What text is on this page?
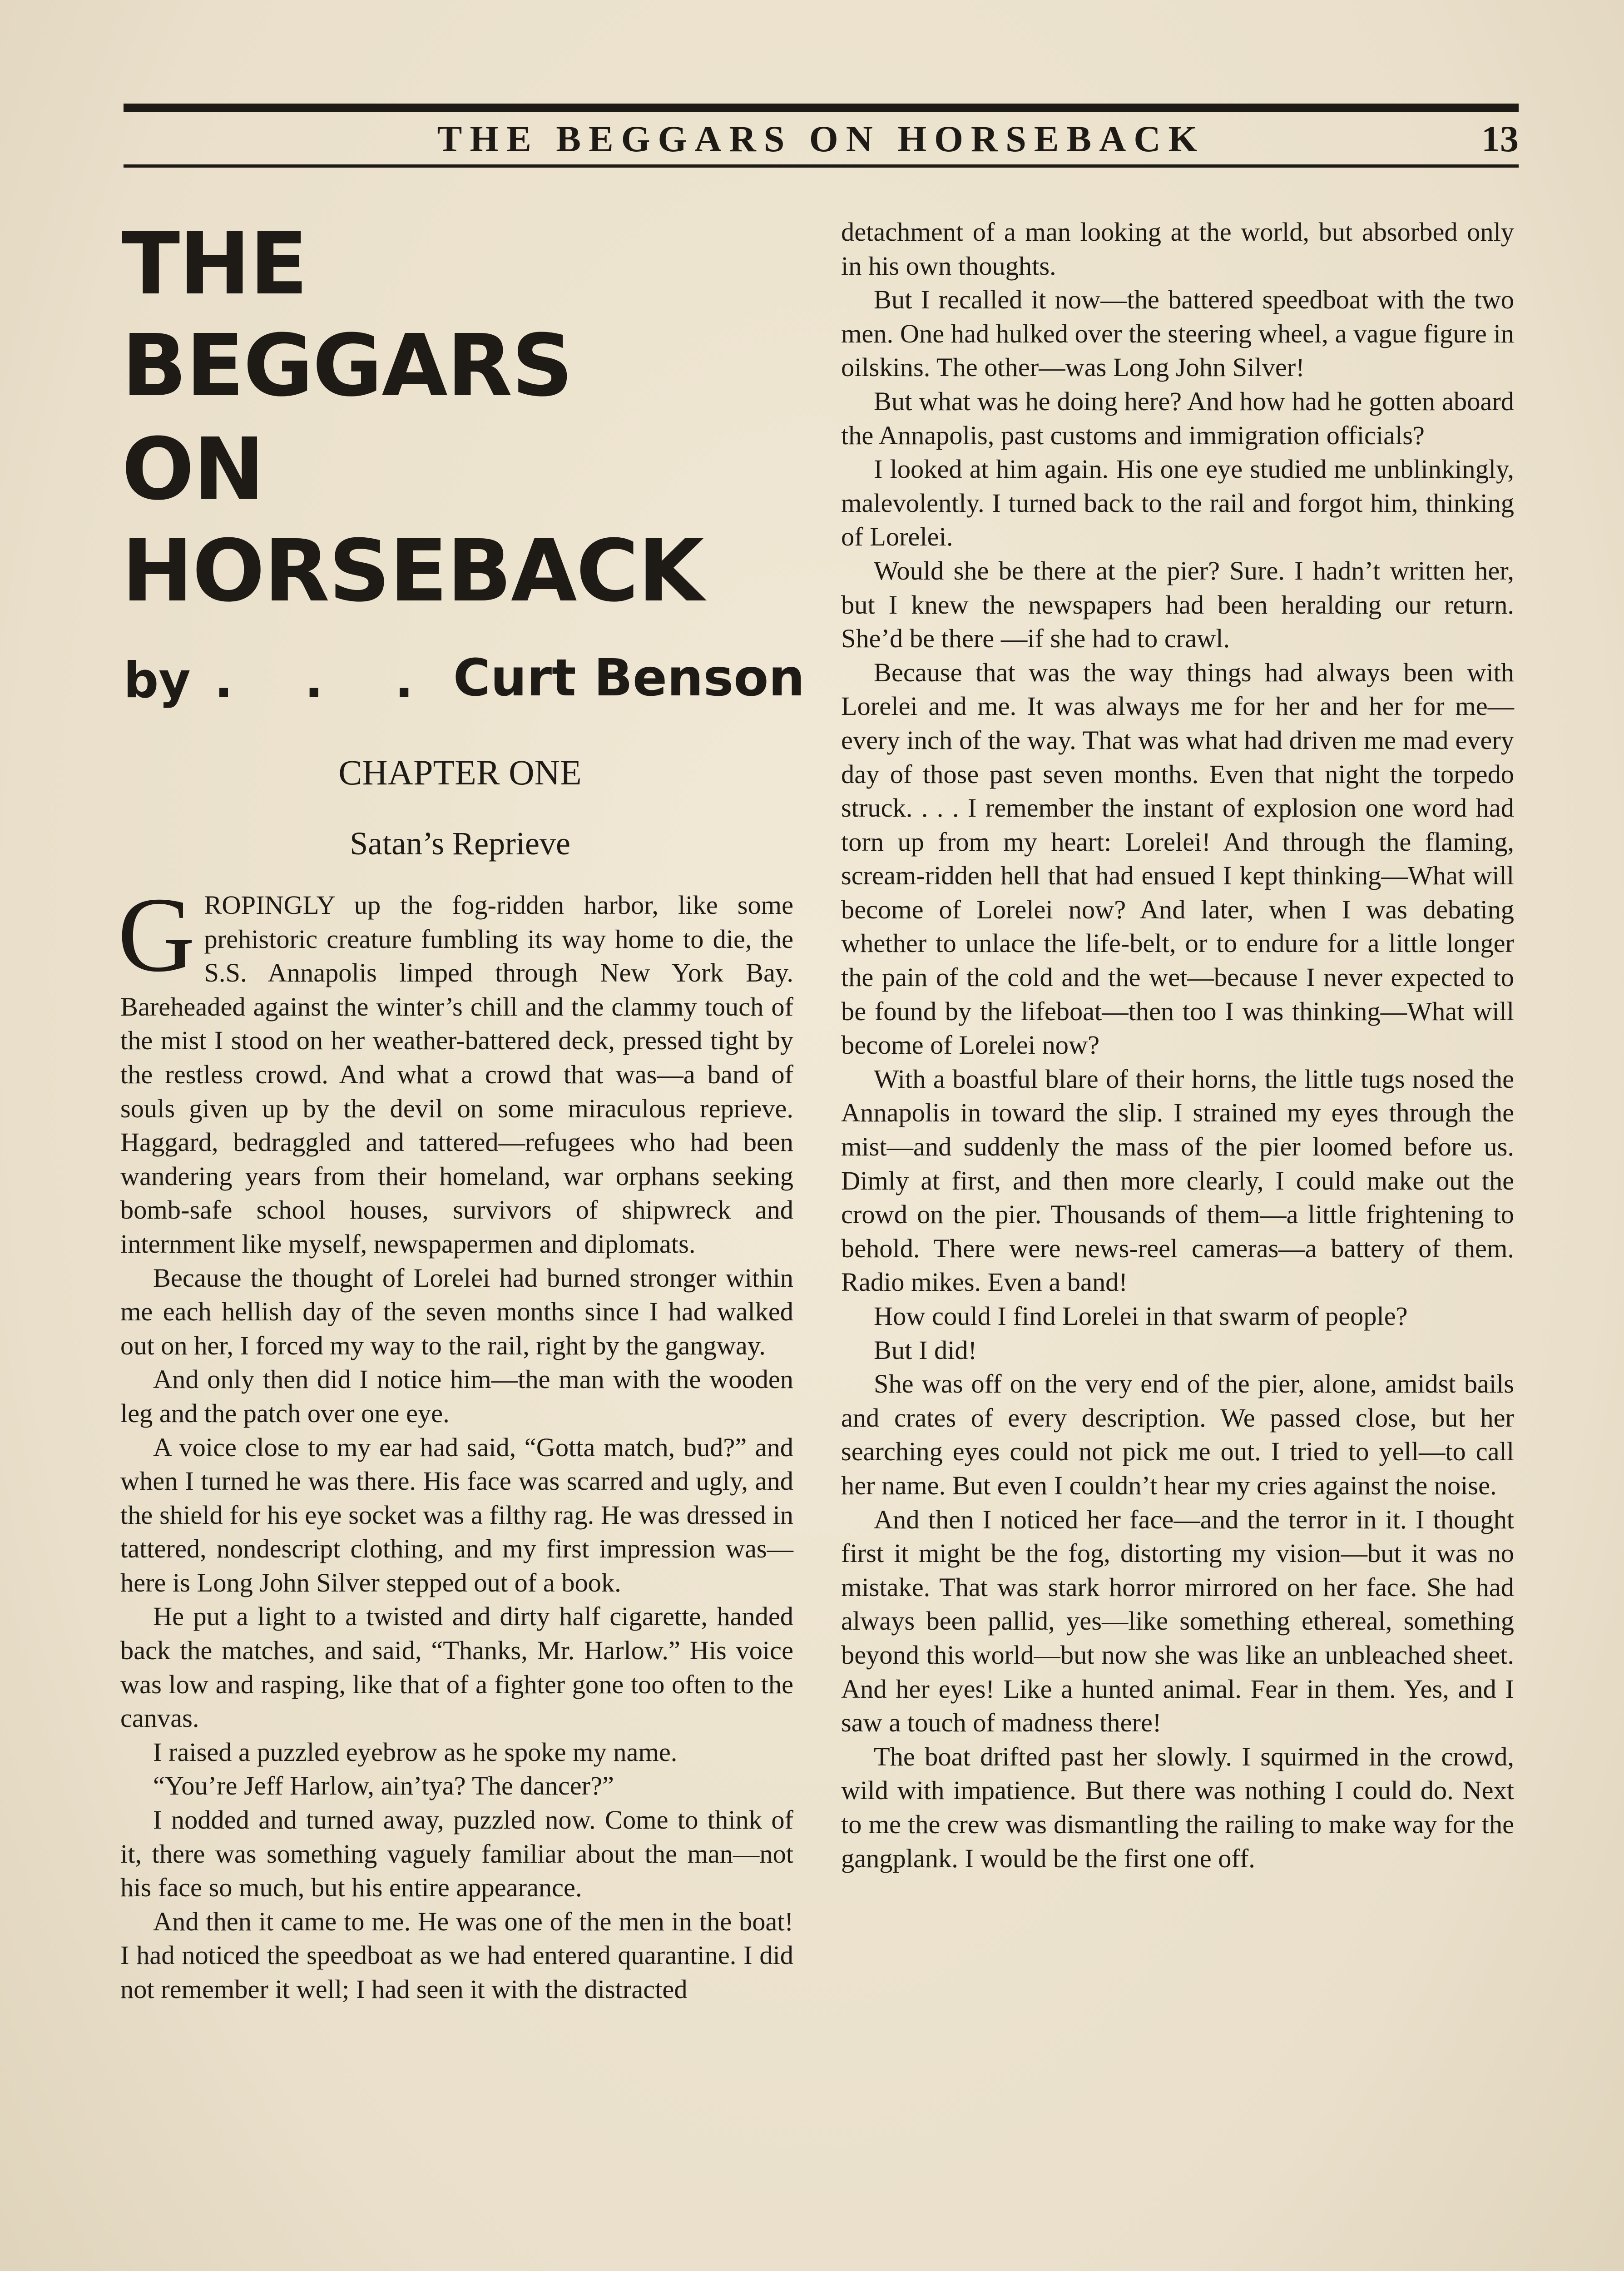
THE BEGGARS ON HORSEBACK	13
THE
BEGGARS
ON
HORSEBACK
by . . . Curt Benson
CHAPTER ONE
Satan’s Reprieve

GROPINGLY up the fog-ridden harbor, like some prehistoric creature fumbling its way home to die, the S.S. Annapolis limped through New York Bay. Bareheaded against the winter’s chill and the clammy touch of the mist I stood on her weather-battered deck, pressed tight by the restless crowd. And what a crowd that was—a band of souls given up by the devil on some miraculous reprieve. Haggard, bedraggled and tattered—refugees who had been wandering years from their homeland, war orphans seeking bomb-safe school houses, survivors of shipwreck and internment like myself, newspapermen and diplomats.

Because the thought of Lorelei had burned stronger within me each hellish day of the seven months since I had walked out on her, I forced my way to the rail, right by the gangway.

And only then did I notice him—the man with the wooden leg and the patch over one eye.

A voice close to my ear had said, “Gotta match, bud?” and when I turned he was there. His face was scarred and ugly, and the shield for his eye socket was a filthy rag. He was dressed in tattered, nondescript clothing, and my first impression was—here is Long John Silver stepped out of a book.

He put a light to a twisted and dirty half cigarette, handed back the matches, and said, “Thanks, Mr. Harlow.” His voice was low and rasping, like that of a fighter gone too often to the canvas.

I raised a puzzled eyebrow as he spoke my name.

“You’re Jeff Harlow, ain’tya? The dancer?”

I nodded and turned away, puzzled now. Come to think of it, there was something vaguely familiar about the man—not his face so much, but his entire appearance.

And then it came to me. He was one of the men in the boat! I had noticed the speedboat as we had entered quarantine. I did not remember it well; I had seen it with the distracted

detachment of a man looking at the world, but absorbed only in his own thoughts.

But I recalled it now—the battered speedboat with the two men. One had hulked over the steering wheel, a vague figure in oilskins. The other—was Long John Silver!

But what was he doing here? And how had he gotten aboard the Annapolis, past customs and immigration officials?

I looked at him again. His one eye studied me unblinkingly, malevolently. I turned back to the rail and forgot him, thinking of Lorelei.

Would she be there at the pier? Sure. I hadn’t written her, but I knew the newspapers had been heralding our return. She’d be there —if she had to crawl.

Because that was the way things had always been with Lorelei and me. It was always me for her and her for me—every inch of the way. That was what had driven me mad every day of those past seven months. Even that night the torpedo struck. . . . I remember the instant of explosion one word had torn up from my heart: Lorelei! And through the flaming, scream-ridden hell that had ensued I kept thinking—What will become of Lorelei now? And later, when I was debating whether to unlace the life-belt, or to endure for a little longer the pain of the cold and the wet—because I never expected to be found by the lifeboat—then too I was thinking—What will become of Lorelei now?

With a boastful blare of their horns, the little tugs nosed the Annapolis in toward the slip. I strained my eyes through the mist—and suddenly the mass of the pier loomed before us. Dimly at first, and then more clearly, I could make out the crowd on the pier. Thousands of them—a little frightening to behold. There were news-reel cameras—a battery of them. Radio mikes. Even a band!

How could I find Lorelei in that swarm of people?

But I did!

She was off on the very end of the pier, alone, amidst bails and crates of every description. We passed close, but her searching eyes could not pick me out. I tried to yell—to call her name. But even I couldn’t hear my cries against the noise.

And then I noticed her face—and the terror in it. I thought first it might be the fog, distorting my vision—but it was no mistake. That was stark horror mirrored on her face. She had always been pallid, yes—like something ethereal, something beyond this world—but now she was like an unbleached sheet. And her eyes! Like a hunted animal. Fear in them. Yes, and I saw a touch of madness there!

The boat drifted past her slowly. I squirmed in the crowd, wild with impatience. But there was nothing I could do. Next to me the crew was dismantling the railing to make way for the gangplank. I would be the first one off.
